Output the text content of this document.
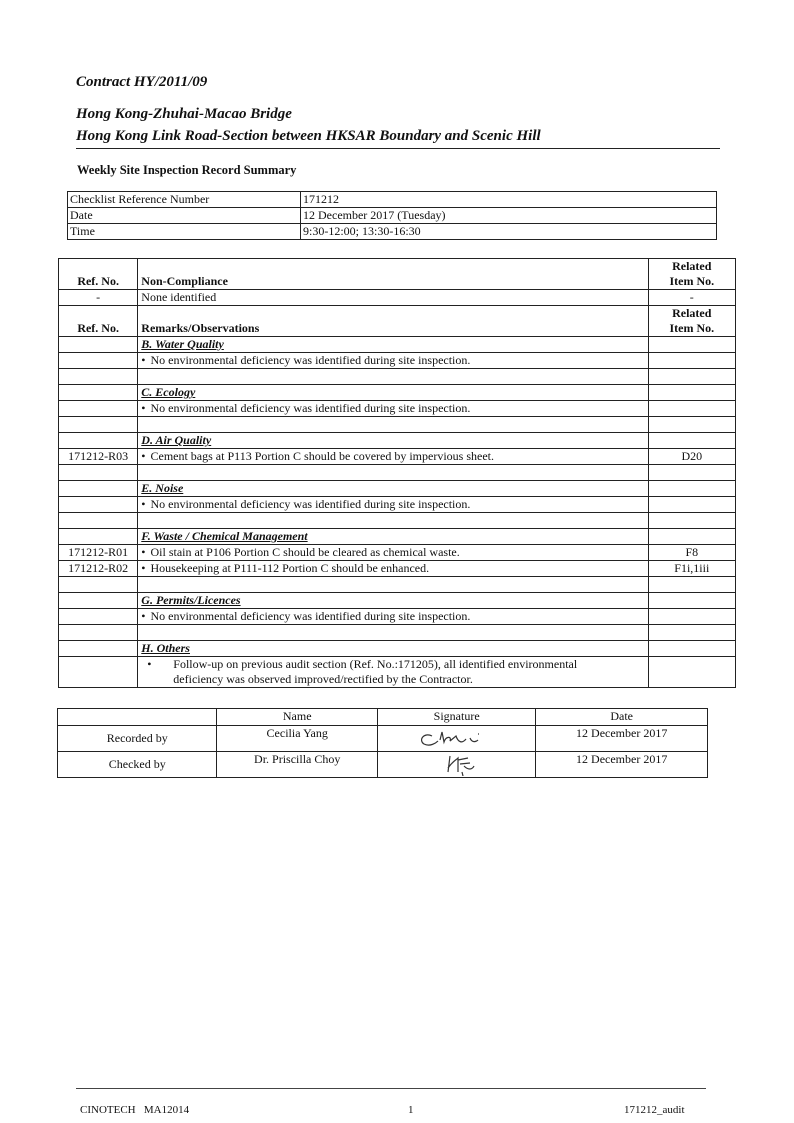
Contract HY/2011/09
Hong Kong-Zhuhai-Macao Bridge
Hong Kong Link Road-Section between HKSAR Boundary and Scenic Hill
Weekly Site Inspection Record Summary
Checklist Reference Number	171212
Date	12 December 2017 (Tuesday)
Time	9:30-12:00; 13:30-16:30
Ref. No.	Non-Compliance	Related
Item No.

-	None identified	-
Ref. No.	Remarks/Observations	Related
Item No.

	B. Water Quality	
	• No environmental deficiency was identified during site inspection.	

	C. Ecology	
	• No environmental deficiency was identified during site inspection.	

	D. Air Quality	
171212-R03	• Cement bags at P113 Portion C should be covered by impervious sheet.	D20

	E. Noise	
	• No environmental deficiency was identified during site inspection.	

	F. Waste / Chemical Management	
171212-R01	• Oil stain at P106 Portion C should be cleared as chemical waste.	F8
171212-R02	• Housekeeping at P111-112 Portion C should be enhanced.	F1i,1iii

	G. Permits/Licences	
	• No environmental deficiency was identified during site inspection.	

	H. Others	

	• Follow-up on previous audit section (Ref. No.:171205), all identified environmental
deficiency was observed improved/rectified by the Contractor.	

	Name	Signature	Date
Recorded by	Cecilia Yang		12 December 2017
Checked by	Dr. Priscilla Choy		12 December 2017
CINOTECH   MA12014	1	171212_audit
